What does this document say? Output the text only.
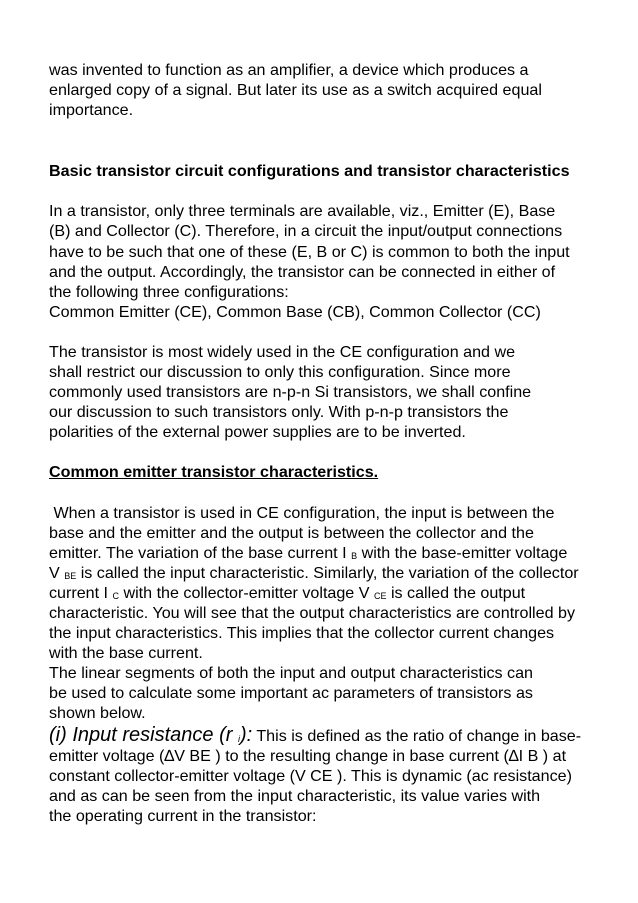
was invented to function as an amplifier, a device which produces a
enlarged copy of a signal. But later its use as a switch acquired equal
importance.
Basic transistor circuit configurations and transistor characteristics
In a transistor, only three terminals are available, viz., Emitter (E), Base
(B) and Collector (C). Therefore, in a circuit the input/output connections
have to be such that one of these (E, B or C) is common to both the input
and the output. Accordingly, the transistor can be connected in either of
the following three configurations:
Common Emitter (CE), Common Base (CB), Common Collector (CC)
The transistor is most widely used in the CE configuration and we
shall restrict our discussion to only this configuration. Since more
commonly used transistors are n-p-n Si transistors, we shall confine
our discussion to such transistors only. With p-n-p transistors the
polarities of the external power supplies are to be inverted.
Common emitter transistor characteristics.
When a transistor is used in CE configuration, the input is between the
base and the emitter and the output is between the collector and the
emitter. The variation of the base current I $_B$ with the base-emitter voltage
V $_{BE}$ is called the input characteristic. Similarly, the variation of the collector
current I $_C$ with the collector-emitter voltage V $_{CE}$ is called the output
characteristic. You will see that the output characteristics are controlled by
the input characteristics. This implies that the collector current changes
with the base current.
The linear segments of both the input and output characteristics can
be used to calculate some important ac parameters of transistors as
shown below.
(i) Input resistance (r $_i$): This is defined as the ratio of change in base-
emitter voltage (∆V BE ) to the resulting change in base current (∆I B ) at
constant collector-emitter voltage (V CE ). This is dynamic (ac resistance)
and as can be seen from the input characteristic, its value varies with
the operating current in the transistor:
